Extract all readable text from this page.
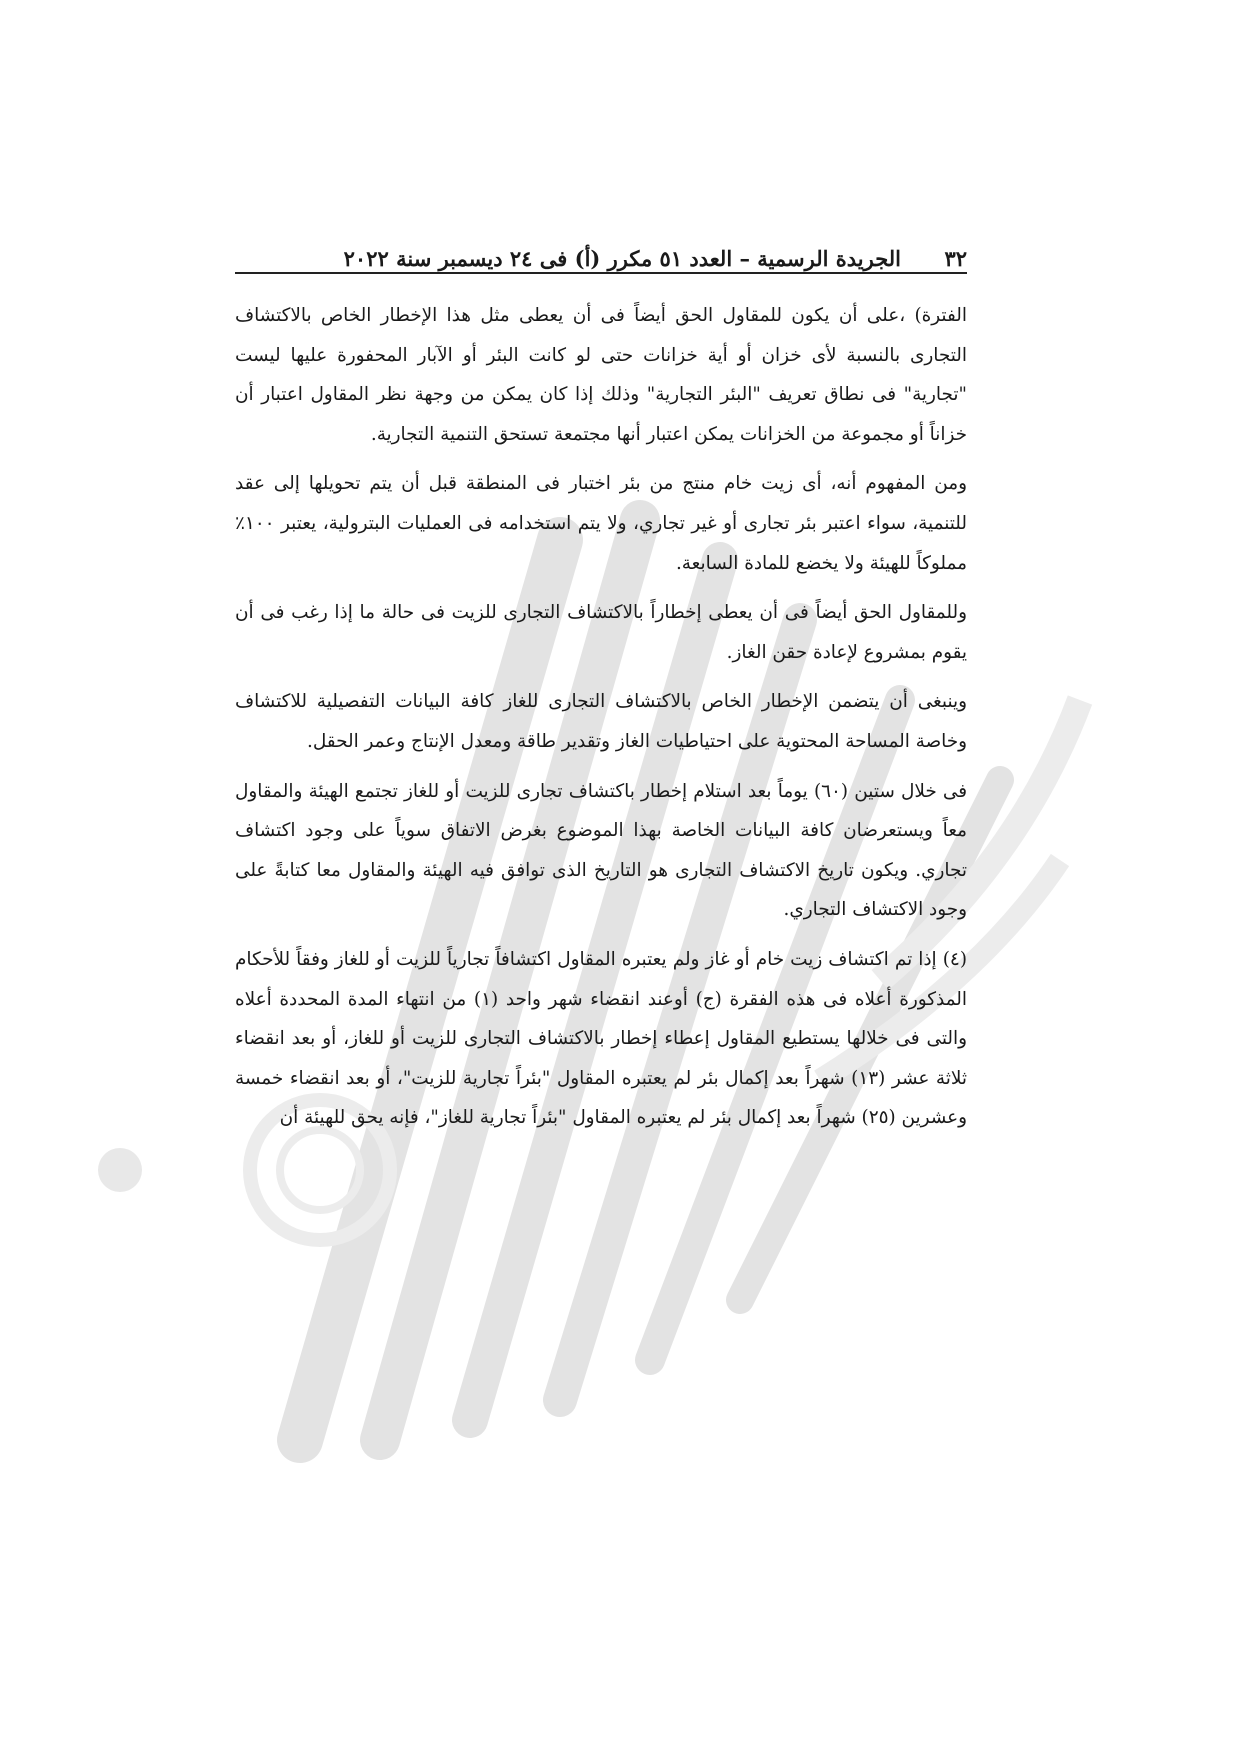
٣٢
الجريدة الرسمية – العدد ٥١ مكرر (أ) فى ٢٤ ديسمبر سنة ٢٠٢٢

الفترة) ،على أن يكون للمقاول الحق أيضاً فى أن يعطى مثل هذا الإخطار الخاص بالاكتشاف التجارى بالنسبة لأى خزان أو أية خزانات حتى لو كانت البئر أو الآبار المحفورة عليها ليست "تجارية" فى نطاق تعريف "البئر التجارية" وذلك إذا كان يمكن من وجهة نظر المقاول اعتبار أن خزاناً أو مجموعة من الخزانات يمكن اعتبار أنها مجتمعة تستحق التنمية التجارية.

ومن المفهوم أنه، أى زيت خام منتج من بئر اختبار فى المنطقة قبل أن يتم تحويلها إلى عقد للتنمية، سواء اعتبر بئر تجارى أو غير تجاري، ولا يتم استخدامه فى العمليات البترولية، يعتبر ١٠٠٪ مملوكاً للهيئة ولا يخضع للمادة السابعة.

وللمقاول الحق أيضاً فى أن يعطى إخطاراً بالاكتشاف التجارى للزيت فى حالة ما إذا رغب فى أن يقوم بمشروع لإعادة حقن الغاز.

وينبغى أن يتضمن الإخطار الخاص بالاكتشاف التجارى للغاز كافة البيانات التفصيلية للاكتشاف وخاصة المساحة المحتوية على احتياطيات الغاز وتقدير طاقة ومعدل الإنتاج وعمر الحقل.

فى خلال ستين (٦٠) يوماً بعد استلام إخطار باكتشاف تجارى للزيت أو للغاز تجتمع الهيئة والمقاول معاً ويستعرضان كافة البيانات الخاصة بهذا الموضوع بغرض الاتفاق سوياً على وجود اكتشاف تجاري. ويكون تاريخ الاكتشاف التجارى هو التاريخ الذى توافق فيه الهيئة والمقاول معا كتابةً على وجود الاكتشاف التجاري.

(٤) إذا تم اكتشاف زيت خام أو غاز ولم يعتبره المقاول اكتشافاً تجارياً للزيت أو للغاز وفقاً للأحكام المذكورة أعلاه فى هذه الفقرة (ج) أوعند انقضاء شهر واحد (١) من انتهاء المدة المحددة أعلاه والتى فى خلالها يستطيع المقاول إعطاء إخطار بالاكتشاف التجارى للزيت أو للغاز، أو بعد انقضاء ثلاثة عشر (١٣) شهراً بعد إكمال بئر لم يعتبره المقاول "بئراً تجارية للزيت"، أو بعد انقضاء خمسة وعشرين (٢٥) شهراً بعد إكمال بئر لم يعتبره المقاول "بئراً تجارية للغاز"، فإنه يحق للهيئة أن
